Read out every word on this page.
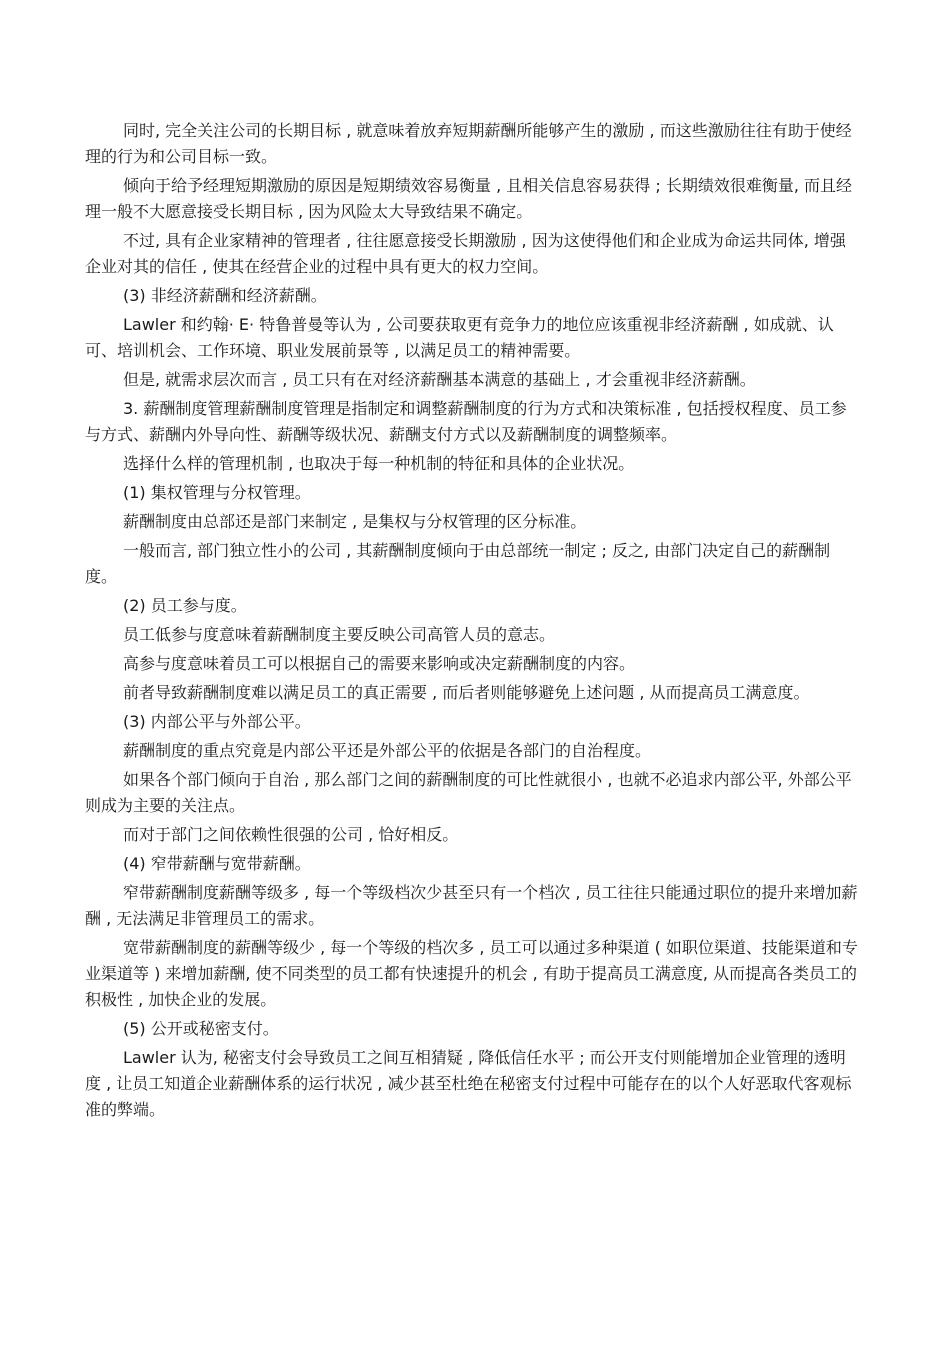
同时, 完全关注公司的长期目标 , 就意味着放弃短期薪酬所能够产生的激励 , 而这些激励往往有助于使经理的行为和公司目标一致。

倾向于给予经理短期激励的原因是短期绩效容易衡量 , 且相关信息容易获得 ; 长期绩效很难衡量, 而且经理一般不大愿意接受长期目标 , 因为风险太大导致结果不确定。

不过, 具有企业家精神的管理者 , 往往愿意接受长期激励 , 因为这使得他们和企业成为命运共同体, 增强企业对其的信任 , 使其在经营企业的过程中具有更大的权力空间。

(3) 非经济薪酬和经济薪酬。

Lawler 和约翰· E· 特鲁普曼等认为 , 公司要获取更有竞争力的地位应该重视非经济薪酬 , 如成就、认可、培训机会、工作环境、职业发展前景等 , 以满足员工的精神需要。

但是, 就需求层次而言 , 员工只有在对经济薪酬基本满意的基础上 , 才会重视非经济薪酬。

3. 薪酬制度管理薪酬制度管理是指制定和调整薪酬制度的行为方式和决策标准 , 包括授权程度、员工参与方式、薪酬内外导向性、薪酬等级状况、薪酬支付方式以及薪酬制度的调整频率。

选择什么样的管理机制 , 也取决于每一种机制的特征和具体的企业状况。

(1) 集权管理与分权管理。

薪酬制度由总部还是部门来制定 , 是集权与分权管理的区分标准。

一般而言, 部门独立性小的公司 , 其薪酬制度倾向于由总部统一制定 ; 反之, 由部门决定自己的薪酬制度。

(2) 员工参与度。

员工低参与度意味着薪酬制度主要反映公司高管人员的意志。

高参与度意味着员工可以根据自己的需要来影响或决定薪酬制度的内容。

前者导致薪酬制度难以满足员工的真正需要 , 而后者则能够避免上述问题 , 从而提高员工满意度。

(3) 内部公平与外部公平。

薪酬制度的重点究竟是内部公平还是外部公平的依据是各部门的自治程度。

如果各个部门倾向于自治 , 那么部门之间的薪酬制度的可比性就很小 , 也就不必追求内部公平, 外部公平则成为主要的关注点。

而对于部门之间依赖性很强的公司 , 恰好相反。

(4) 窄带薪酬与宽带薪酬。

窄带薪酬制度薪酬等级多 , 每一个等级档次少甚至只有一个档次 , 员工往往只能通过职位的提升来增加薪酬 , 无法满足非管理员工的需求。

宽带薪酬制度的薪酬等级少 , 每一个等级的档次多 , 员工可以通过多种渠道 ( 如职位渠道、技能渠道和专业渠道等 ) 来增加薪酬, 使不同类型的员工都有快速提升的机会 , 有助于提高员工满意度, 从而提高各类员工的积极性 , 加快企业的发展。

(5) 公开或秘密支付。

Lawler 认为, 秘密支付会导致员工之间互相猜疑 , 降低信任水平 ; 而公开支付则能增加企业管理的透明度 , 让员工知道企业薪酬体系的运行状况 , 减少甚至杜绝在秘密支付过程中可能存在的以个人好恶取代客观标准的弊端。
